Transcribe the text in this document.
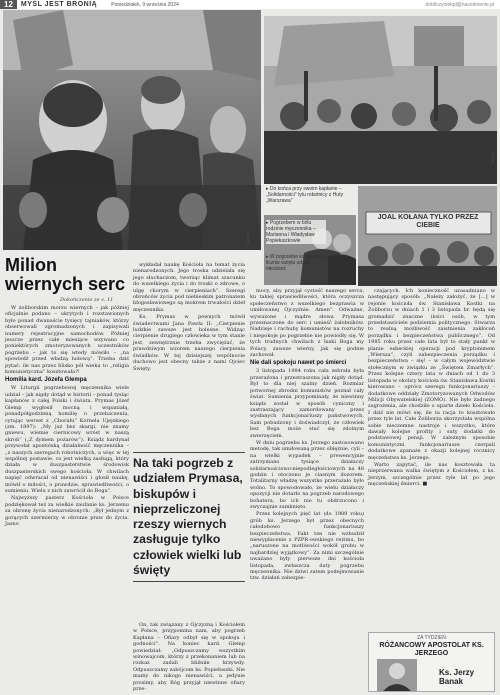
12	MYŚL JEST BRONIĄ	Poniedziałek, 9 września 2024	dobliczyniekpl@nasodnienie.pl
FOT. IPN
FOT. IPN
▸ Do końca przy swoim kapłanie – „Solidarności” tylu robotnicy z Huty „Warszawa”
JOAL KOŁANA TYLKO PRZEZ CIEBIE
▸ Pogrzebem w bólu rodzinie męczennika – Marianna i Władysław Popiełuszkowie
▸ W pogrzebie ks. Jerzego licznie wzięła udział młodzież
Milion wiernych serc
Dokończenie ze s. 11

W żoliborskim morzu wiernych – jak później oficjalnie podano – ukrytych i rozstawionych było ponad dwanaście tysięcy tajniaków, którzy obserwowali zgromadzonych i zapisywali numery rejestracyjne samochodów. Później jeszcze przez całe miesiące wzywano co poniektórych zmotoryzowanych uczestników pogrzebu – jak to się wtedy mówiło – „na spowiedź przed władzą ludową”. Trzeba dziś pytać: ile nas przez blisko pół wieku to „religia komunistyczna” kosztowała?!

Homilia kard. Józefa Glempa

W Liturgii pogrzebowej męczennika wiele udział – jak nigdy dotąd w historii – ponad tysiąc kapłanów z całej Polski i świata. Prymas Józef Glemp wygłosił mocną i wspaniałą, ponadpółgodzinną homilię o przebaczeniu, cytując werset z „Chorału” Kornela Ujejskiego (zm. 1897): „My już bez skargi, nie znamy gniewu, wiemie ciernicowy wróst w naszą skroń” („Z dymem pożarów”). Ksiądz kardynał przywołał apostolską działalność męczennika – „z naszych szeregach robotniczych, a więc w tej wspólnej postawie, co jest wielką zasługą, który działa w duszpasterstwie środowisk duszpasterskich swego kościoła. W chwilach napięć odwracał od nienawiści i głosił naukę, mówił o miłości, o prawdzie, sprawiedliwości, o sumieniu. Wielu z nich zawrócił do Boga”.

Najwyższy pasterz Kościoła w Polsce podziękował też za wielkie zaufanie ks. Jerzemu za obronę życia nienarodzonych: „Był jednym z gorących szermierzy w obronie praw do życia. Jasno

wykładał naukę Kościoła na temat życia nienarodzonych. Jego troska udzielała się jego słuchaczom, tworząc klimat szacunku do wszelkiego życia i do troski o zdrowe, o ulgę chorym w cierpieniach”. Szeregi obrońców życia pod niebieskim patronatem błogosławionego są mokrem trwałości dzieł męczennika.

Ks. Prymas w pewnych mówił świadectwami Jana Pawła II: „Cierpienie ludzkie zawsze jest bolesne. Widząc cierpienie drugiego człowieka w tym stanie jest, zewnętrznie trzeba zwyciężać, że prawdziwym wzorem naszego cierpienia świadków. W tej dzisiejszej wspólnocie duchowo jest obecny także z nami Ojciec Święty.

Na taki pogrzeb z udziałem Prymasa, biskupów i nieprzeliczonej rzeszy wiernych zasługuje tylko człowiek wielki lub święty

On, tak związany z Ojczyzną i Kościołem w Polsce, przypomina nam, aby pogrzeb Kapłana – Ofiary odbył się w spokoju i godności”. Na koniec kard. Glemp powiedział: „Odpuszczamy wszystkim winowajcom, którzy z przekonaniem lub na rozkaz zadali bliźnim krzywdy. Odpuszczamy zabójcom ks. Popiełuszki. Nie mamy do nikogo nienawiści, a jedynie prosimy, aby Bóg przyjął niewinne ofiary prze-

mocy, aby przyjął cystość naszego serca, ku takiej sprawiedliwości, która oczyszcza społeczeństwo z wszelkiego bezprawia w umiłowanej Ojczyźnie. Amen”. Odważne, wyważone i mądre słowa Prymasa przeznaczone do serc i umieść żałobników. Nadzieje i rachuby komunistów na rozruchy i niepokoje po pogrzebie nie powiodły się. W tych trudnych chwilach z łaski Boga my Polacy, zawsze wierny, jak się godnie zachował.

Nie dali spokoju nawet po śmierci

3 listopada 1984 roku cała zebrała była przeraźona i przestraszona jak nigdy dotąd. Był to dla niej szalny dzień. Rozmiar potwornej zbrodni komunistów poznał cały świat. Sumienia przypominały, że niewinny ksiądz został w sposób cyniczny i zastraszający zamordowany przez wysłanych funkcjonariuszy państwowych. Sam pobudzony i doświadczył, że człowiek bez Boga może stać się zdolnym zwierzęciem.

W dniu pogrzebu ks. Jerzego zastosowano metodę, tak umiłowaną przez oblężnie, cyli – na wielki wypadek – prewencyjnie zatrzymano tysiące działaczy solidarnościowo-niepodległościowych na 48 godzin i otoczono je ciasnym dozorem. Totalitarny władzę wszystko przerażało było wolno. To spowodowało, że wielu działaczy opozycji nie dotarło na pogrzeb narodowego bohatera, bo ich nie tu obdrzucono i zwyczajnie zamknięto.

Przez kolejnych pięć lat (do 1989 roku) grób ks. Jerzego był przez obecnych całodobowo funkcjonariuszy bezpieczeństwa. Fakt ten nie wzbudził niewypłacenie z PZPR-owskiego reżimu, bo „naruszone na motliwości wokół grobu w najbardziej wyjątkowy”. Za nimi szczególnie uważano były pierwsze dni kościoła listopada, zwłaszcza daty pogrzebu męczennika. Nie dziwi zatem podejmowanie tzw. działań zabezpie-

czających. Ich konieczność uzasadniano w następujący sposób: „Należy założyć, że […] w rejonie kościoła św. Stanisława Kostki na Żoliborzu w dniach 1 i 3 listopada br. będą się gromadzić znaczne ilości osób, w tym przedstawiciele podziemia politycznego. Stwarza to realną możliwość zaistnienia zakłóceń porządku i bezpieczeństwa publicznego”. Od 1985 roku przez całe lata był to stały punkt w planie esbeckiej operacji pod kryptonimem „Wiersza”, czyli zabezpieczenia porządku i bezpieczeństwa – się! – w całym województwie stołecznym w związku ze „Świętem Zmarłych”. Przez kolejne cztery lata w dniach od 1 do 3 listopada w okolicy kościoła św. Stanisława Kostki kierowano – oprócz szeregu funkcjonariuszy – dodatkowe oddziały Zmotoryzowanych Odwodów Milicji Obywatelskiej (ZOMO). Nie było żadnego zagrożenia, ale chodziło o uparte dzieło Kościoła. I dziś nie mówi się, ile ta racja to kosztowało przez tyle lat. Całe Żoliborza skorzystała wspólna sobie nieczemne nastroje i wszystko, które dawały kolejne profity i suty dodatki do podstawowej pensji. W zależnym sposobie komunistyczni funkcjonariusze czerpali dodatkowe apanaże z okazji kolejnej rocznicy męczeństwa ks. Jerzego.

Warto zapytać, ile nas kosztowała ta nieprzerwana walka świętym z Kościołem, z ks. Jerzym, szczególnie przez tyle lat po jego męczeńskiej śmierci. ■

ZA TYDZIEŃ
RÓŻANCOWY APOSTOLAT KS. JERZEGO
Ks. Jerzy Banak
